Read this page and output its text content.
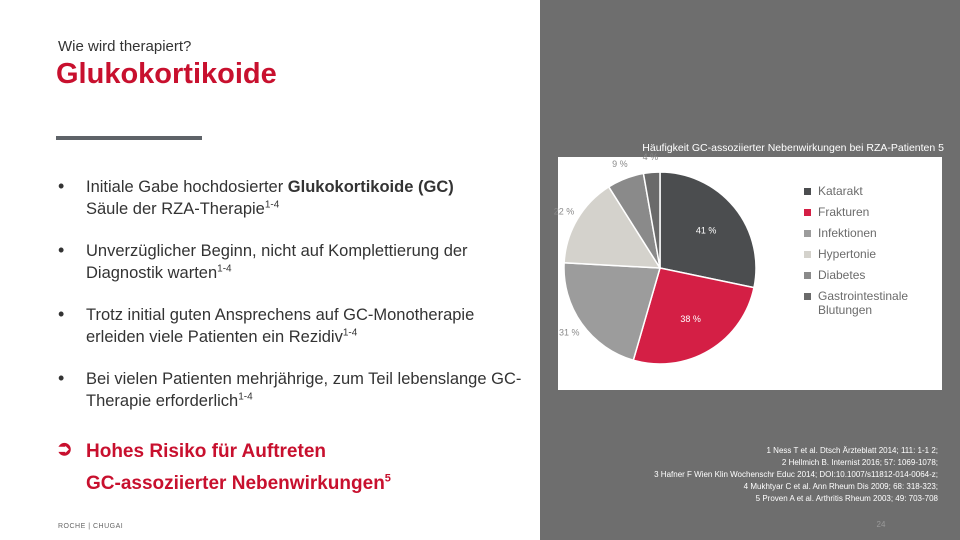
Wie wird therapiert?
Glukokortikoide
• Initiale Gabe hochdosierter Glukokortikoide (GC)
Säule der RZA-Therapie$^{1-4}$
• Unverzüglicher Beginn, nicht auf Komplettierung der Diagnostik warten$^{1-4}$
• Trotz initial guten Ansprechens auf GC-Monotherapie erleiden viele Patienten ein Rezidiv$^{1-4}$
• Bei vielen Patienten mehrjährige, zum Teil lebenslange GC-Therapie erforderlich$^{1-4}$
➲ Hohes Risiko für Auftreten
GC-assoziierter Nebenwirkungen$^5$
ROCHE | CHUGAI
Häufigkeit GC-assoziierter Nebenwirkungen bei RZA-Patienten 5
41 %
38 %
31 %
22 %
9 %
4 %
Katarakt
Frakturen
Infektionen
Hypertonie
Diabetes
Gastrointestinale Blutungen
1 Ness T et al. Dtsch Ärzteblatt 2014; 111: 1-1 2;
2 Hellmich B. Internist 2016; 57: 1069-1078;
3 Hafner F Wien Klin Wochenschr Educ 2014; DOI:10.1007/s11812-014-0064-z;
4 Mukhtyar C et al. Ann Rheum Dis 2009; 68: 318-323;
5 Proven A et al. Arthritis Rheum 2003; 49: 703-708
24
